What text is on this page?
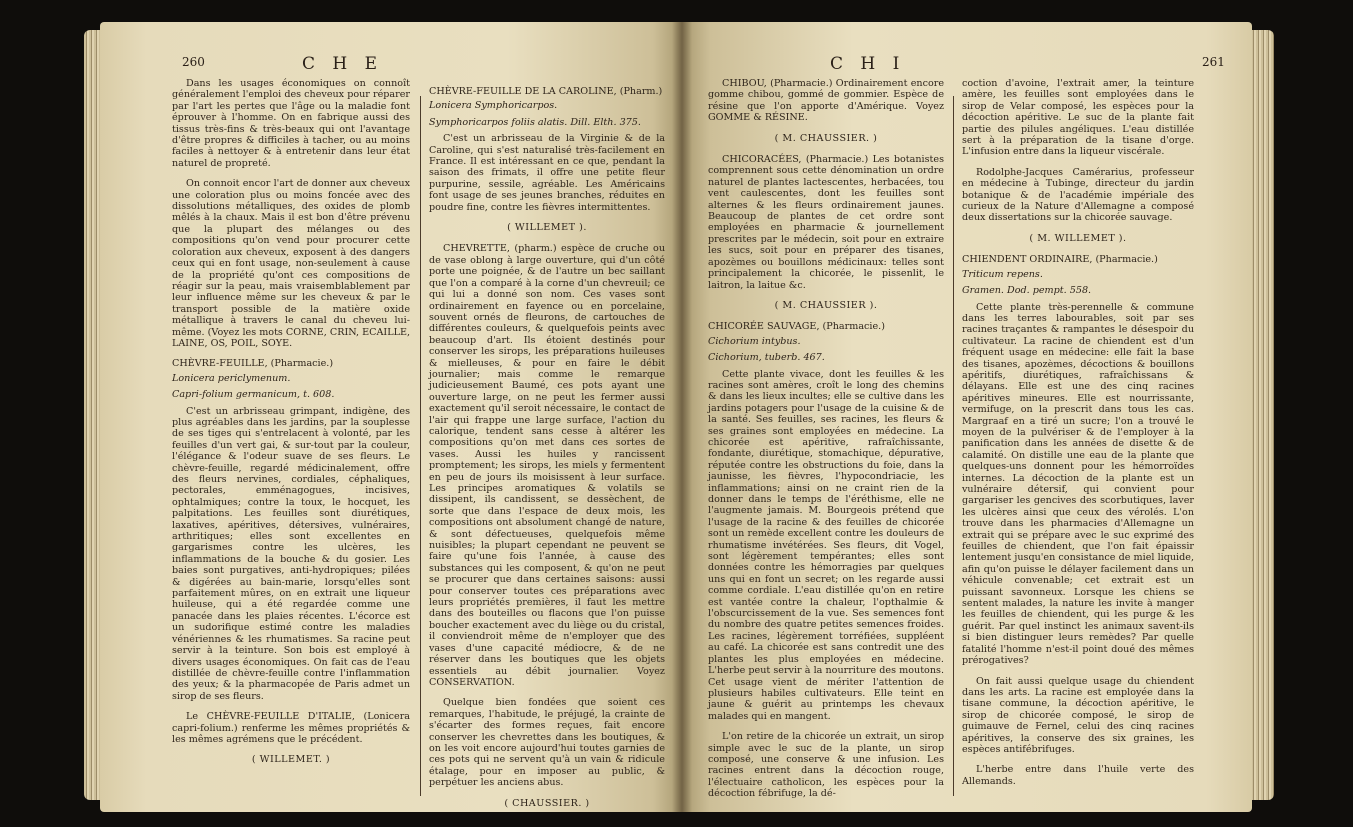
260	C H E

Dans les usages économiques on connoît généralement l'emploi des cheveux pour réparer par l'art les pertes que l'âge ou la maladie font éprouver à l'homme. On en fabrique aussi des tissus très-fins & très-beaux qui ont l'avantage d'être propres & difficiles à tacher, ou au moins faciles à nettoyer & à entretenir dans leur état naturel de propreté.

On connoit encor l'art de donner aux cheveux une coloration plus ou moins foncée avec des dissolutions métalliques, des oxides de plomb mêlés à la chaux. Mais il est bon d'être prévenu que la plupart des mélanges ou des compositions qu'on vend pour procurer cette coloration aux cheveux, exposent à des dangers ceux qui en font usage, non-seulement à cause de la propriété qu'ont ces compositions de réagir sur la peau, mais vraisemblablement par leur influence même sur les cheveux & par le transport possible de la matière oxide métallique à travers le canal du cheveu lui-même. (Voyez les mots CORNE, CRIN, ECAILLE, LAINE, OS, POIL, SOYE.

CHÈVRE-FEUILLE, (Pharmacie.)

Lonicera periclymenum.

Capri-folium germanicum, t. 608.

C'est un arbrisseau grimpant, indigène, des plus agréables dans les jardins, par la souplesse de ses tiges qui s'entrelacent à volonté, par les feuilles d'un vert gai, & sur-tout par la couleur, l'élégance & l'odeur suave de ses fleurs. Le chèvre-feuille, regardé médicinalement, offre des fleurs nervines, cordiales, céphaliques, pectorales, emménagogues, incisives, ophtalmiques; contre la toux, le hocquet, les palpitations. Les feuilles sont diurétiques, laxatives, apéritives, détersives, vulnéraires, arthritiques; elles sont excellentes en gargarismes contre les ulcères, les inflammations de la bouche & du gosier. Les baies sont purgatives, anti-hydropiques; pilées & digérées au bain-marie, lorsqu'elles sont parfaitement mûres, on en extrait une liqueur huileuse, qui a été regardée comme une panacée dans les plaies récentes. L'écorce est un sudorifique estimé contre les maladies vénériennes & les rhumatismes. Sa racine peut servir à la teinture. Son bois est employé à divers usages économiques. On fait cas de l'eau distillée de chèvre-feuille contre l'inflammation des yeux; & la pharmacopée de Paris admet un sirop de ses fleurs.

Le CHÈVRE-FEUILLE D'ITALIE, (Lonicera capri-folium.) renferme les mêmes propriétés & les mêmes agrémens que le précédent.

( WILLEMET. )

CHÈVRE-FEUILLE DE LA CAROLINE, (Pharm.)

Lonicera Symphoricarpos.

Symphoricarpos foliis alatis. Dill. Elth. 375.

C'est un arbrisseau de la Virginie & de la Caroline, qui s'est naturalisé très-facilement en France. Il est intéressant en ce que, pendant la saison des frimats, il offre une petite fleur purpurine, sessile, agréable. Les Américains font usage de ses jeunes branches, réduites en poudre fine, contre les fièvres intermittentes.

( WILLEMET ).

CHEVRETTE, (pharm.) espèce de cruche ou de vase oblong à large ouverture, qui d'un côté porte une poignée, & de l'autre un bec saillant que l'on a comparé à la corne d'un chevreuil; ce qui lui a donné son nom. Ces vases sont ordinairement en fayence ou en porcelaine, souvent ornés de fleurons, de cartouches de différentes couleurs, & quelquefois peints avec beaucoup d'art. Ils étoient destinés pour conserver les sirops, les préparations huileuses & mielleuses, & pour en faire le débit journalier; mais comme le remarque judicieusement Baumé, ces pots ayant une ouverture large, on ne peut les fermer aussi exactement qu'il seroit nécessaire, le contact de l'air qui frappe une large surface, l'action du calorique, tendent sans cesse à altérer les compositions qu'on met dans ces sortes de vases. Aussi les huiles y rancissent promptement; les sirops, les miels y fermentent en peu de jours ils moisissent à leur surface. Les principes aromatiques & volatils se dissipent, ils candissent, se dessèchent, de sorte que dans l'espace de deux mois, les compositions ont absolument changé de nature, & sont défectueuses, quelquefois même nuisibles; la plupart cependant ne peuvent se faire qu'une fois l'année, à cause des substances qui les composent, & qu'on ne peut se procurer que dans certaines saisons: aussi pour conserver toutes ces préparations avec leurs propriétés premières, il faut les mettre dans des bouteilles ou flacons que l'on puisse boucher exactement avec du liège ou du cristal, il conviendroit même de n'employer que des vases d'une capacité médiocre, & de ne réserver dans les boutiques que les objets essentiels au débit journalier. Voyez CONSERVATION.

Quelque bien fondées que soient ces remarques, l'habitude, le préjugé, la crainte de s'écarter des formes reçues, fait encore conserver les chevrettes dans les boutiques, & on les voit encore aujourd'hui toutes garnies de ces pots qui ne servent qu'à un vain & ridicule étalage, pour en imposer au public, & perpétuer les anciens abus.

( CHAUSSIER. )

C H I	261

CHIBOU, (Pharmacie.) Ordinairement encore gomme chibou, gommé de gommier. Espèce de résine que l'on apporte d'Amérique. Voyez GOMME & RÉSINE.

( M. CHAUSSIER. )

CHICORACÉES, (Pharmacie.) Les botanistes comprennent sous cette dénomination un ordre naturel de plantes lactescentes, herbacées, tou vent caulescentes, dont les feuilles sont alternes & les fleurs ordinairement jaunes. Beaucoup de plantes de cet ordre sont employées en pharmacie & journellement prescrites par le médecin, soit pour en extraire les sucs, soit pour en préparer des tisanes, apozèmes ou bouillons médicinaux: telles sont principalement la chicorée, le pissenlit, le laitron, la laitue &c.

( M. CHAUSSIER ).

CHICORÉE SAUVAGE, (Pharmacie.)

Cichorium intybus.

Cichorium, tuberb. 467.

Cette plante vivace, dont les feuilles & les racines sont amères, croît le long des chemins & dans les lieux incultes; elle se cultive dans les jardins potagers pour l'usage de la cuisine & de la santé. Ses feuilles, ses racines, les fleurs & ses graines sont employées en médecine. La chicorée est apéritive, rafraîchissante, fondante, diurétique, stomachique, dépurative, réputée contre les obstructions du foie, dans la jaunisse, les fièvres, l'hypocondriacie, les inflammations; ainsi on ne craint rien de la donner dans le temps de l'éréthisme, elle ne l'augmente jamais. M. Bourgeois prétend que l'usage de la racine & des feuilles de chicorée sont un remède excellent contre les douleurs de rhumatisme invétérées. Ses fleurs, dit Vogel, sont légèrement tempérantes; elles sont données contre les hémorragies par quelques uns qui en font un secret; on les regarde aussi comme cordiale. L'eau distillée qu'on en retire est vantée contre la chaleur, l'opthalmie & l'obscurcissement de la vue. Ses semences font du nombre des quatre petites semences froides. Les racines, légèrement torréfiées, suppléent au café. La chicorée est sans contredit une des plantes les plus employées en médecine. L'herbe peut servir à la nourriture des moutons. Cet usage vient de mériter l'attention de plusieurs habiles cultivateurs. Elle teint en jaune & guérit au printemps les chevaux malades qui en mangent.

L'on retire de la chicorée un extrait, un sirop simple avec le suc de la plante, un sirop composé, une conserve & une infusion. Les racines entrent dans la décoction rouge, l'électuaire catholicon, les espèces pour la décoction fébrifuge, la dé-

coction d'avoine, l'extrait amer, la teinture amère, les feuilles sont employées dans le sirop de Velar composé, les espèces pour la décoction apéritive. Le suc de la plante fait partie des pilules angéliques. L'eau distillée sert à la préparation de la tisane d'orge. L'infusion entre dans la liqueur viscérale.

Rodolphe-Jacques Camérarius, professeur en médecine à Tubinge, directeur du jardin botanique & de l'académie impériale des curieux de la Nature d'Allemagne a composé deux dissertations sur la chicorée sauvage.

( M. WILLEMET ).

CHIENDENT ORDINAIRE, (Pharmacie.)

Triticum repens.

Gramen. Dod. pempt. 558.

Cette plante très-perennelle & commune dans les terres labourables, soit par ses racines traçantes & rampantes le désespoir du cultivateur. La racine de chiendent est d'un fréquent usage en médecine: elle fait la base des tisanes, apozèmes, décoctions & bouillons apéritifs, diurétiques, rafraîchissans & délayans. Elle est une des cinq racines apéritives mineures. Elle est nourrissante, vermifuge, on la prescrit dans tous les cas. Margraaf en a tiré un sucre; l'on a trouvé le moyen de la pulvériser & de l'employer à la panification dans les années de disette & de calamité. On distille une eau de la plante que quelques-uns donnent pour les hémorroïdes internes. La décoction de la plante est un vulnéraire détersif, qui convient pour gargariser les gencives des scorbutiques, laver les ulcères ainsi que ceux des vérolés. L'on trouve dans les pharmacies d'Allemagne un extrait qui se prépare avec le suc exprimé des feuilles de chiendent, que l'on fait épaissir lentement jusqu'en consistance de miel liquide, afin qu'on puisse le délayer facilement dans un véhicule convenable; cet extrait est un puissant savonneux. Lorsque les chiens se sentent malades, la nature les invite à manger les feuilles de chiendent, qui les purge & les guérit. Par quel instinct les animaux savent-ils si bien distinguer leurs remèdes? Par quelle fatalité l'homme n'est-il point doué des mêmes prérogatives?

On fait aussi quelque usage du chiendent dans les arts. La racine est employée dans la tisane commune, la décoction apéritive, le sirop de chicorée composé, le sirop de guimauve de Fernel, celui des cinq racines apéritives, la conserve des six graines, les espèces antifébrifuges.

L'herbe entre dans l'huile verte des Allemands.
